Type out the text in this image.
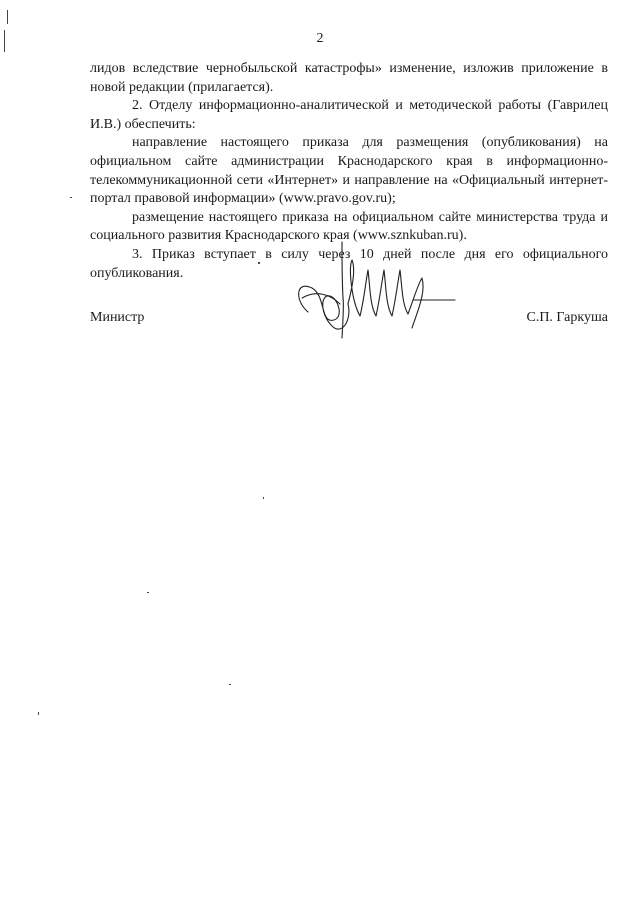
2

лидов вследствие чернобыльской катастрофы» изменение, изложив приложение в новой редакции (прилагается).

2. Отделу информационно-аналитической и методической работы (Гаврилец И.В.) обеспечить:

направление настоящего приказа для размещения (опубликования) на официальном сайте администрации Краснодарского края в информационно-телекоммуникационной сети «Интернет» и направление на «Официальный интернет-портал правовой информации» (www.pravo.gov.ru);

размещение настоящего приказа на официальном сайте министерства труда и социального развития Краснодарского края (www.sznkuban.ru).

3. Приказ вступает в силу через 10 дней после дня его официального опубликования.

Министр	С.П. Гаркуша
